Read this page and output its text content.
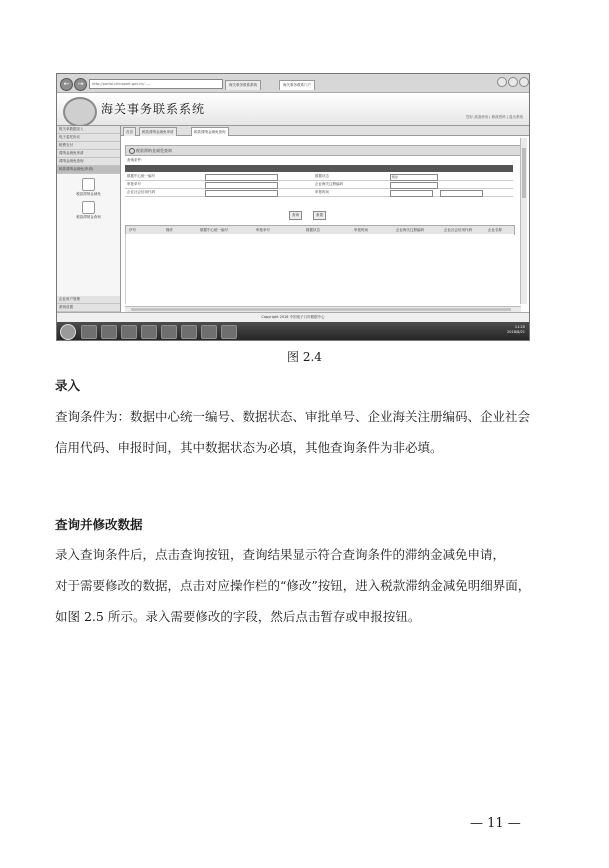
←	→	http://portal.chinaport.gov.cn/......	海关事务联系系统	海关事务联系门户
海关事务联系系统
您好,欢迎使用 | 修改密码 | 退出系统
报关单数据录入
电子委托协议
税费支付
滞纳金减免申请
滞纳金减免查询
税款滞纳金减免(申请)
税款滞纳金减免
税款滞纳金查询
企业用户管理
系统设置
首页	税款滞纳金减免申请	税款滞纳金减免查询
税款滞纳金减免查询
查询条件:
数据中心统一编号	数据状态	暂存
审批单号	企业海关注册编码
企业社会信用代码	申报时间
查询	重置
序号	操作	数据中心统一编号	审批单号	数据状态	申报时间	企业海关注册编码	企业社会信用代码	企业名称
Copyright 2018 中国电子口岸数据中心
11:20
2018/8/21
图 2.4
录入
查询条件为：数据中心统一编号、数据状态、审批单号、企业海关注册编码、企业社会
信用代码、申报时间，其中数据状态为必填，其他查询条件为非必填。
查询并修改数据
录入查询条件后，点击查询按钮，查询结果显示符合查询条件的滞纳金减免申请，
对于需要修改的数据，点击对应操作栏的“修改”按钮，进入税款滞纳金减免明细界面，
如图 2.5 所示。录入需要修改的字段，然后点击暂存或申报按钮。
— 11 —
